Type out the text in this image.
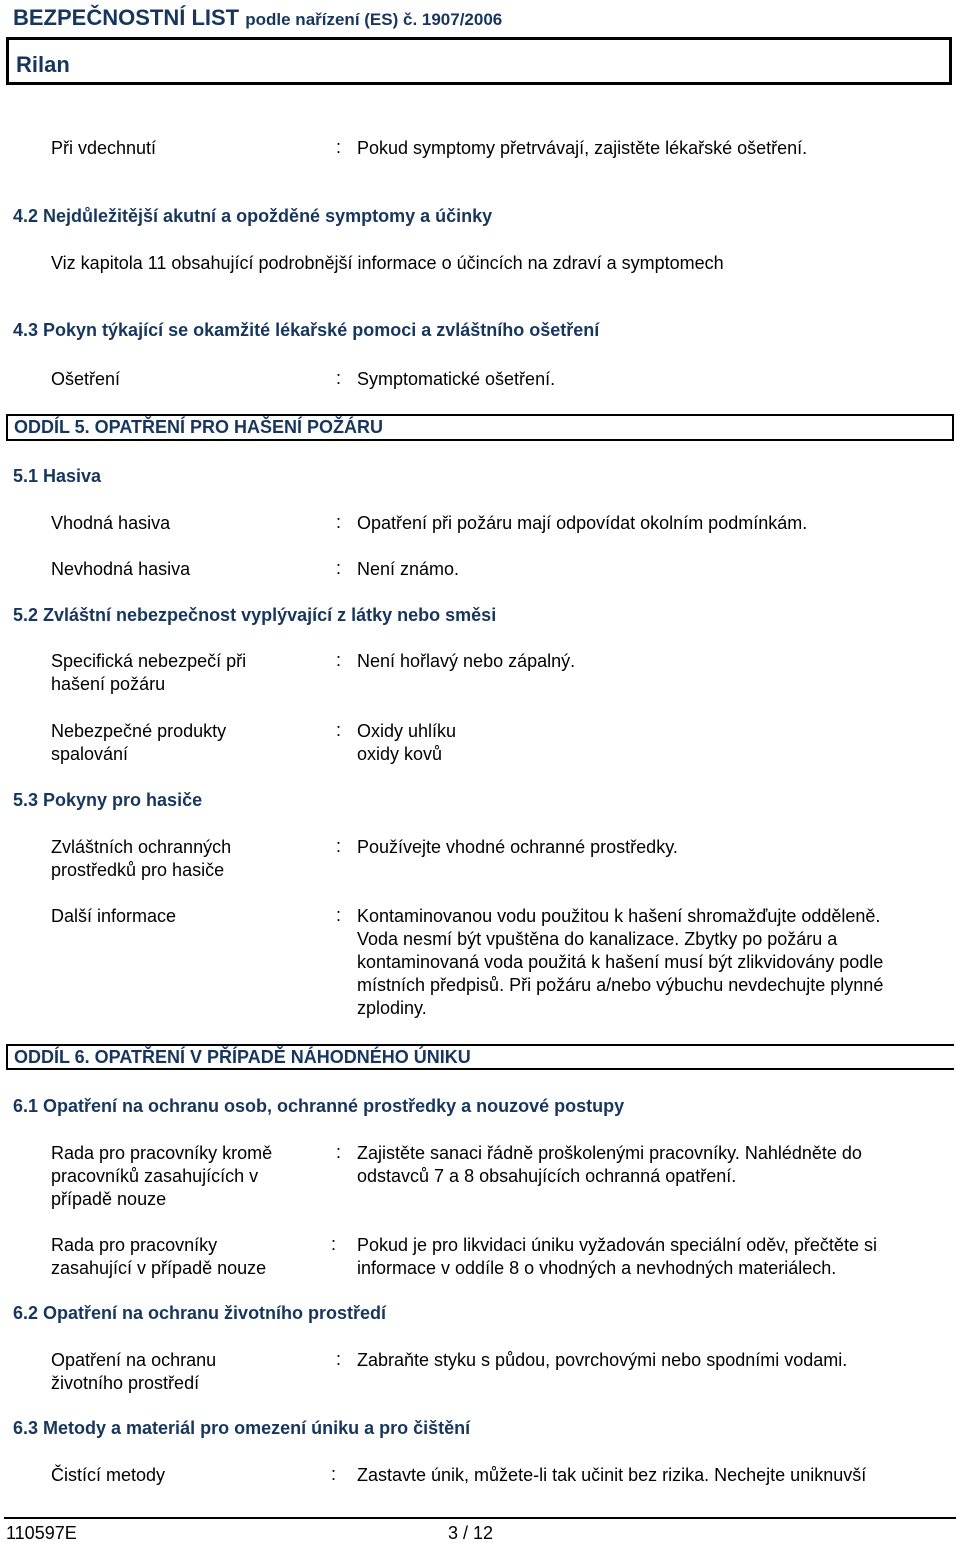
BEZPEČNOSTNÍ LIST podle nařízení (ES) č. 1907/2006
Rilan
Při vdechnutí	: Pokud symptomy přetrvávají, zajistěte lékařské ošetření.
4.2 Nejdůležitější akutní a opožděné symptomy a účinky
Viz kapitola 11 obsahující podrobnější informace o účincích na zdraví a symptomech
4.3 Pokyn týkající se okamžité lékařské pomoci a zvláštního ošetření
Ošetření	: Symptomatické ošetření.
ODDÍL 5. OPATŘENÍ PRO HAŠENÍ POŽÁRU
5.1 Hasiva
Vhodná hasiva	: Opatření při požáru mají odpovídat okolním podmínkám.
Nevhodná hasiva	: Není známo.
5.2 Zvláštní nebezpečnost vyplývající z látky nebo směsi
Specifická nebezpečí při
hašení požáru
: Není hořlavý nebo zápalný.
Nebezpečné produkty
spalování
: Oxidy uhlíku
oxidy kovů
5.3 Pokyny pro hasiče
Zvláštních ochranných
prostředků pro hasiče
: Používejte vhodné ochranné prostředky.
Další informace	: Kontaminovanou vodu použitou k hašení shromažďujte odděleně.
Voda nesmí být vpuštěna do kanalizace. Zbytky po požáru a
kontaminovaná voda použitá k hašení musí být zlikvidovány podle
místních předpisů. Při požáru a/nebo výbuchu nevdechujte plynné
zplodiny.
ODDÍL 6. OPATŘENÍ V PŘÍPADĚ NÁHODNÉHO ÚNIKU
6.1 Opatření na ochranu osob, ochranné prostředky a nouzové postupy
Rada pro pracovníky kromě
pracovníků zasahujících v
případě nouze
: Zajistěte sanaci řádně proškolenými pracovníky. Nahlédněte do
odstavců 7 a 8 obsahujících ochranná opatření.
Rada pro pracovníky
zasahující v případě nouze
: Pokud je pro likvidaci úniku vyžadován speciální oděv, přečtěte si
informace v oddíle 8 o vhodných a nevhodných materiálech.
6.2 Opatření na ochranu životního prostředí
Opatření na ochranu
životního prostředí
: Zabraňte styku s půdou, povrchovými nebo spodními vodami.
6.3 Metody a materiál pro omezení úniku a pro čištění
Čistící metody	: Zastavte únik, můžete-li tak učinit bez rizika. Nechejte uniknuvší
110597E	3 / 12
